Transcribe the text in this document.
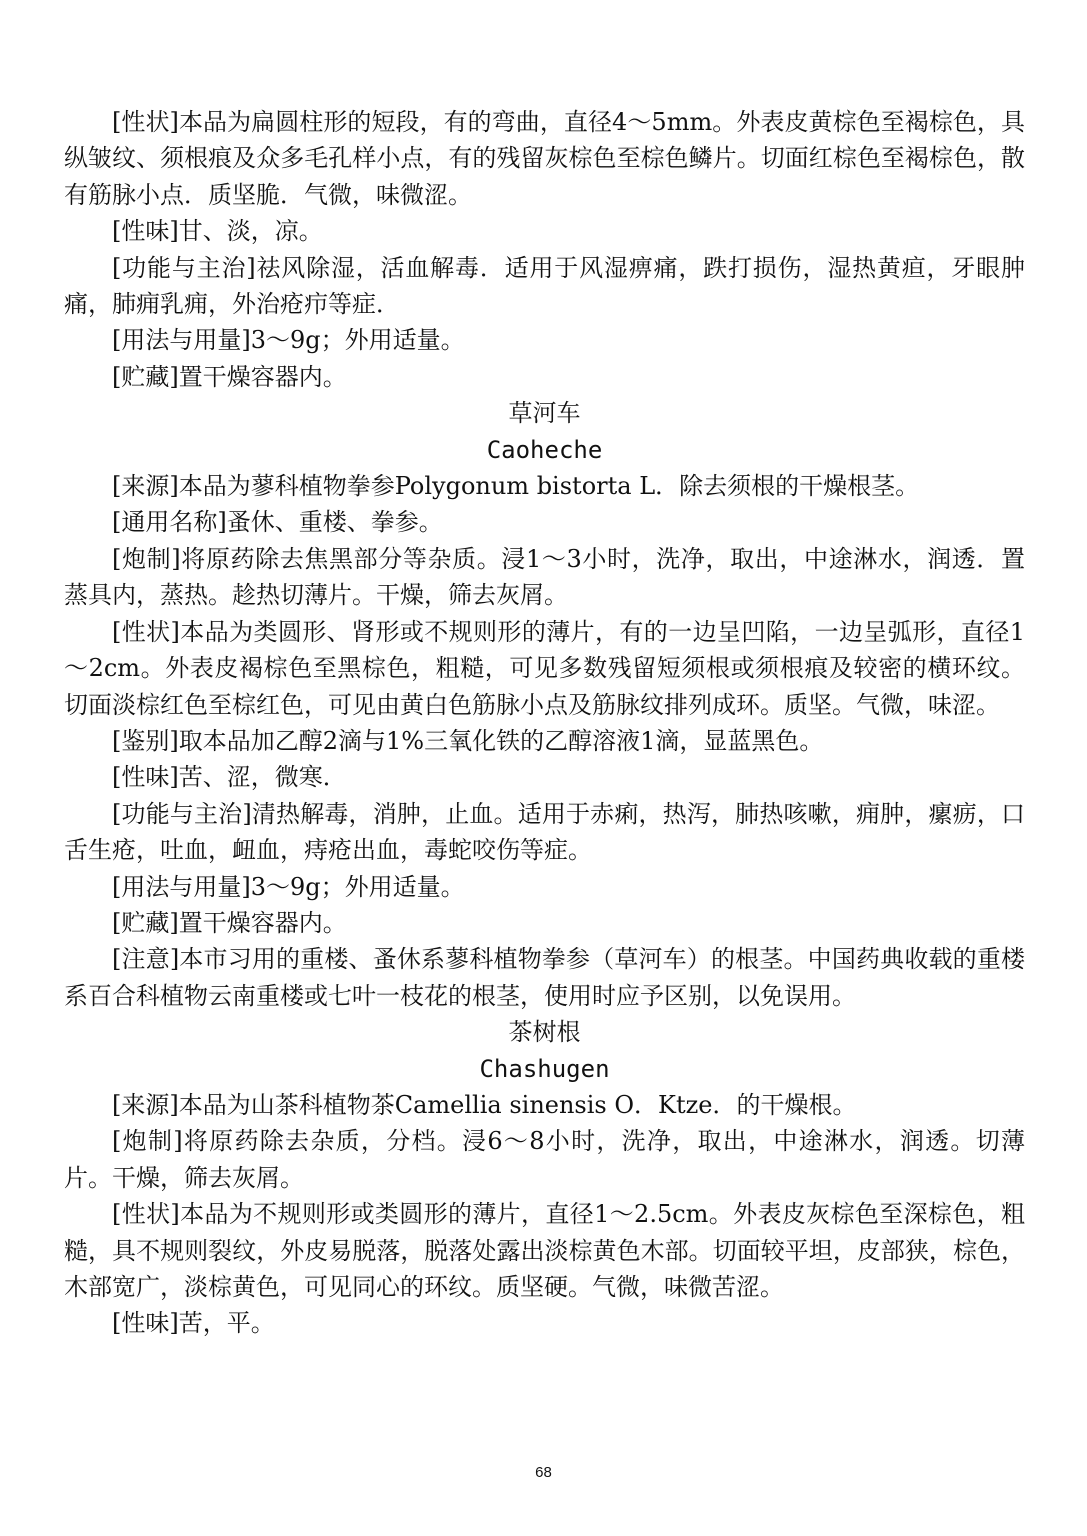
[性状]本品为扁圆柱形的短段，有的弯曲，直径4～5mm。外表皮黄棕色至褐棕色，具纵皱纹、须根痕及众多毛孔样小点，有的残留灰棕色至棕色鳞片。切面红棕色至褐棕色，散有筋脉小点．质坚脆．气微，味微涩。

[性味]甘、淡，凉。

[功能与主治]祛风除湿，活血解毒．适用于风湿痹痛，跌打损伤，湿热黄疸，牙眼肿痛，肺痈乳痈，外治疮疖等症．

[用法与用量]3～9g；外用适量。

[贮藏]置干燥容器内。

草河车

Caoheche

[来源]本品为蓼科植物拳参Polygonum bistorta L．除去须根的干燥根茎。

[通用名称]蚤休、重楼、拳参。

[炮制]将原药除去焦黑部分等杂质。浸1～3小时，洗净，取出，中途淋水，润透．置蒸具内，蒸热。趁热切薄片。干燥，筛去灰屑。

[性状]本品为类圆形、肾形或不规则形的薄片，有的一边呈凹陷，一边呈弧形，直径1～2cm。外表皮褐棕色至黑棕色，粗糙，可见多数残留短须根或须根痕及较密的横环纹。切面淡棕红色至棕红色，可见由黄白色筋脉小点及筋脉纹排列成环。质坚。气微，味涩。

[鉴别]取本品加乙醇2滴与1%三氧化铁的乙醇溶液1滴，显蓝黑色。

[性味]苦、涩，微寒．

[功能与主治]清热解毒，消肿，止血。适用于赤痢，热泻，肺热咳嗽，痈肿，瘰疬，口舌生疮，吐血，衄血，痔疮出血，毒蛇咬伤等症。

[用法与用量]3～9g；外用适量。

[贮藏]置干燥容器内。

[注意]本市习用的重楼、蚤休系蓼科植物拳参（草河车）的根茎。中国药典收载的重楼系百合科植物云南重楼或七叶一枝花的根茎，使用时应予区别，以免误用。

茶树根

Chashugen

[来源]本品为山茶科植物茶Camellia sinensis O．Ktze．的干燥根。

[炮制]将原药除去杂质，分档。浸6～8小时，洗净，取出，中途淋水，润透。切薄片。干燥，筛去灰屑。

[性状]本品为不规则形或类圆形的薄片，直径1～2.5cm。外表皮灰棕色至深棕色，粗糙，具不规则裂纹，外皮易脱落，脱落处露出淡棕黄色木部。切面较平坦，皮部狭，棕色，木部宽广，淡棕黄色，可见同心的环纹。质坚硬。气微，味微苦涩。

[性味]苦，平。

68
